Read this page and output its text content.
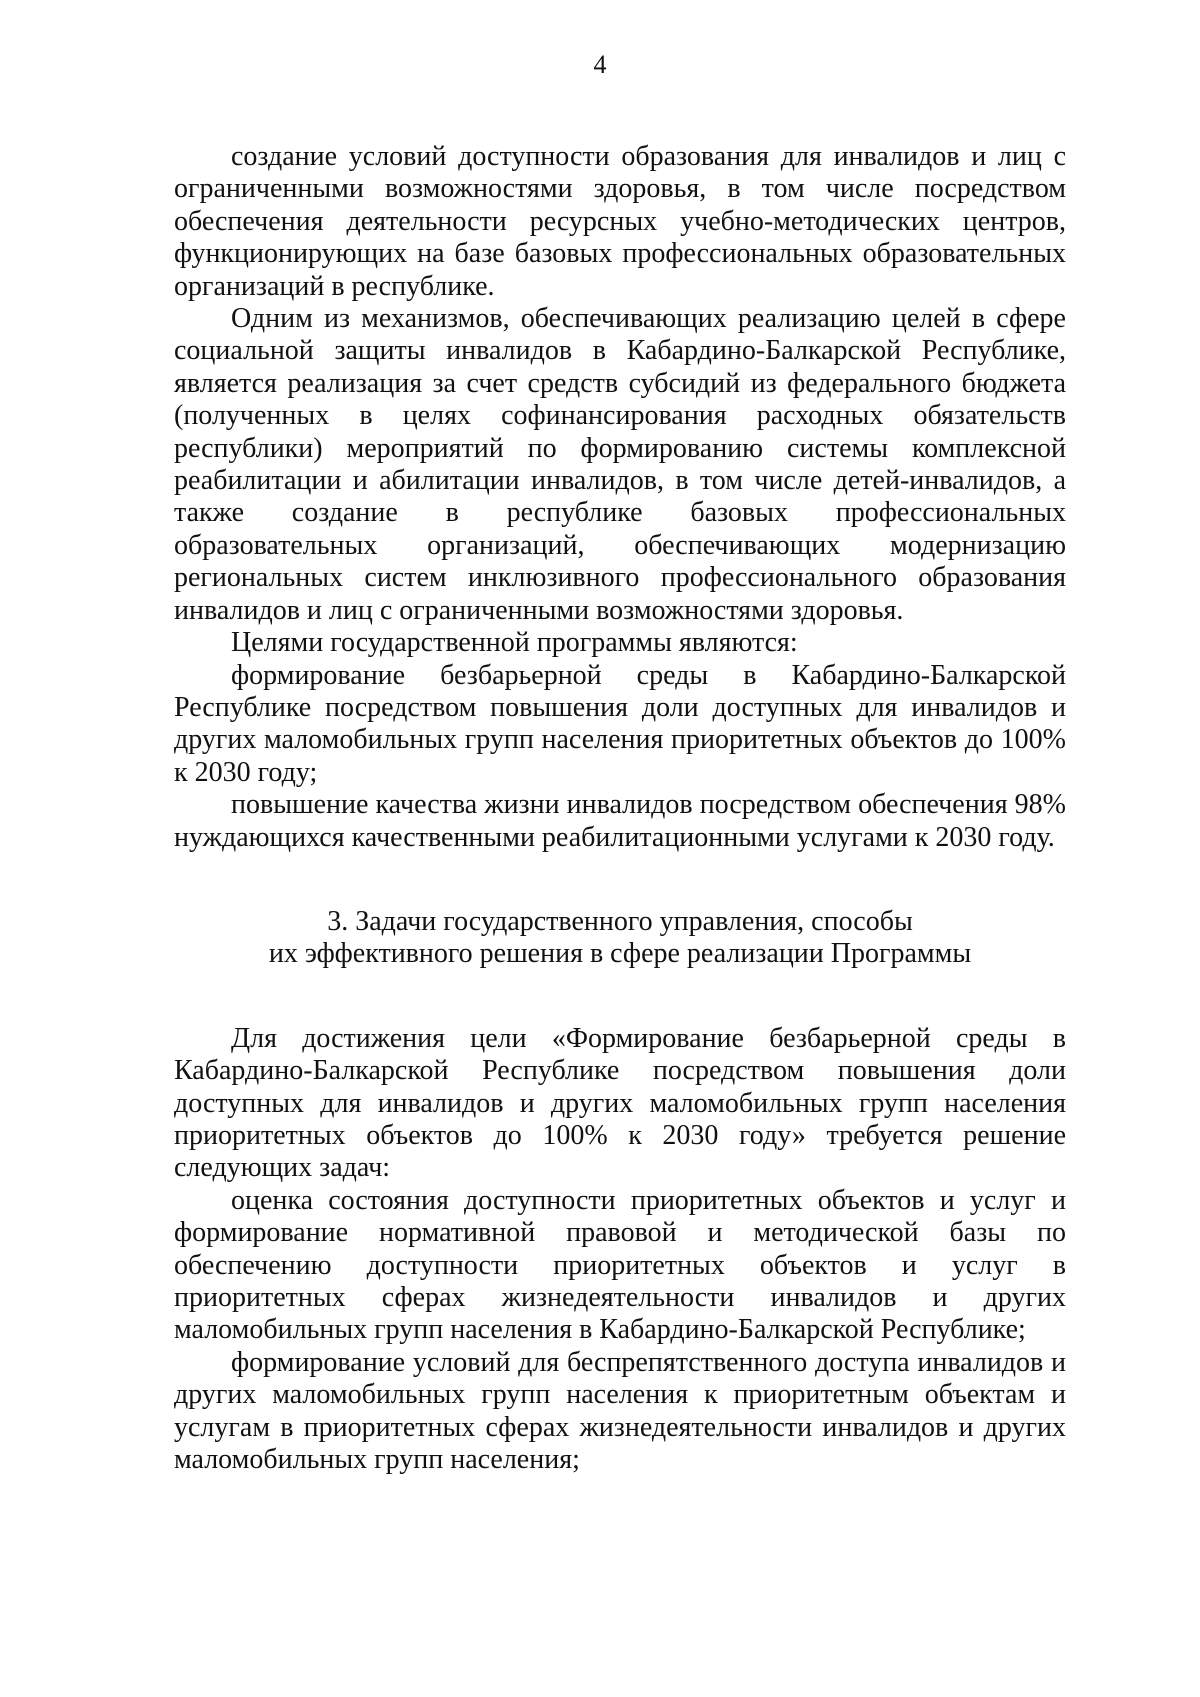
4

создание условий доступности образования для инвалидов и лиц с ограниченными возможностями здоровья, в том числе посредством обеспечения деятельности ресурсных учебно-методических центров, функционирующих на базе базовых профессиональных образовательных организаций в республике.

Одним из механизмов, обеспечивающих реализацию целей в сфере социальной защиты инвалидов в Кабардино-Балкарской Республике, является реализация за счет средств субсидий из федерального бюджета (полученных в целях софинансирования расходных обязательств республики) мероприятий по формированию системы комплексной реабилитации и абилитации инвалидов, в том числе детей-инвалидов, а также создание в республике базовых профессиональных образовательных организаций, обеспечивающих модернизацию региональных систем инклюзивного профессионального образования инвалидов и лиц с ограниченными возможностями здоровья.

Целями государственной программы являются:

формирование безбарьерной среды в Кабардино-Балкарской Республике посредством повышения доли доступных для инвалидов и других маломобильных групп населения приоритетных объектов до 100% к 2030 году;

повышение качества жизни инвалидов посредством обеспечения 98% нуждающихся качественными реабилитационными услугами к 2030 году.

3. Задачи государственного управления, способы
их эффективного решения в сфере реализации Программы

Для достижения цели «Формирование безбарьерной среды в Кабардино-Балкарской Республике посредством повышения доли доступных для инвалидов и других маломобильных групп населения приоритетных объектов до 100% к 2030 году» требуется решение следующих задач:

оценка состояния доступности приоритетных объектов и услуг и формирование нормативной правовой и методической базы по обеспечению доступности приоритетных объектов и услуг в приоритетных сферах жизнедеятельности инвалидов и других маломобильных групп населения в Кабардино-Балкарской Республике;

формирование условий для беспрепятственного доступа инвалидов и других маломобильных групп населения к приоритетным объектам и услугам в приоритетных сферах жизнедеятельности инвалидов и других маломобильных групп населения;
